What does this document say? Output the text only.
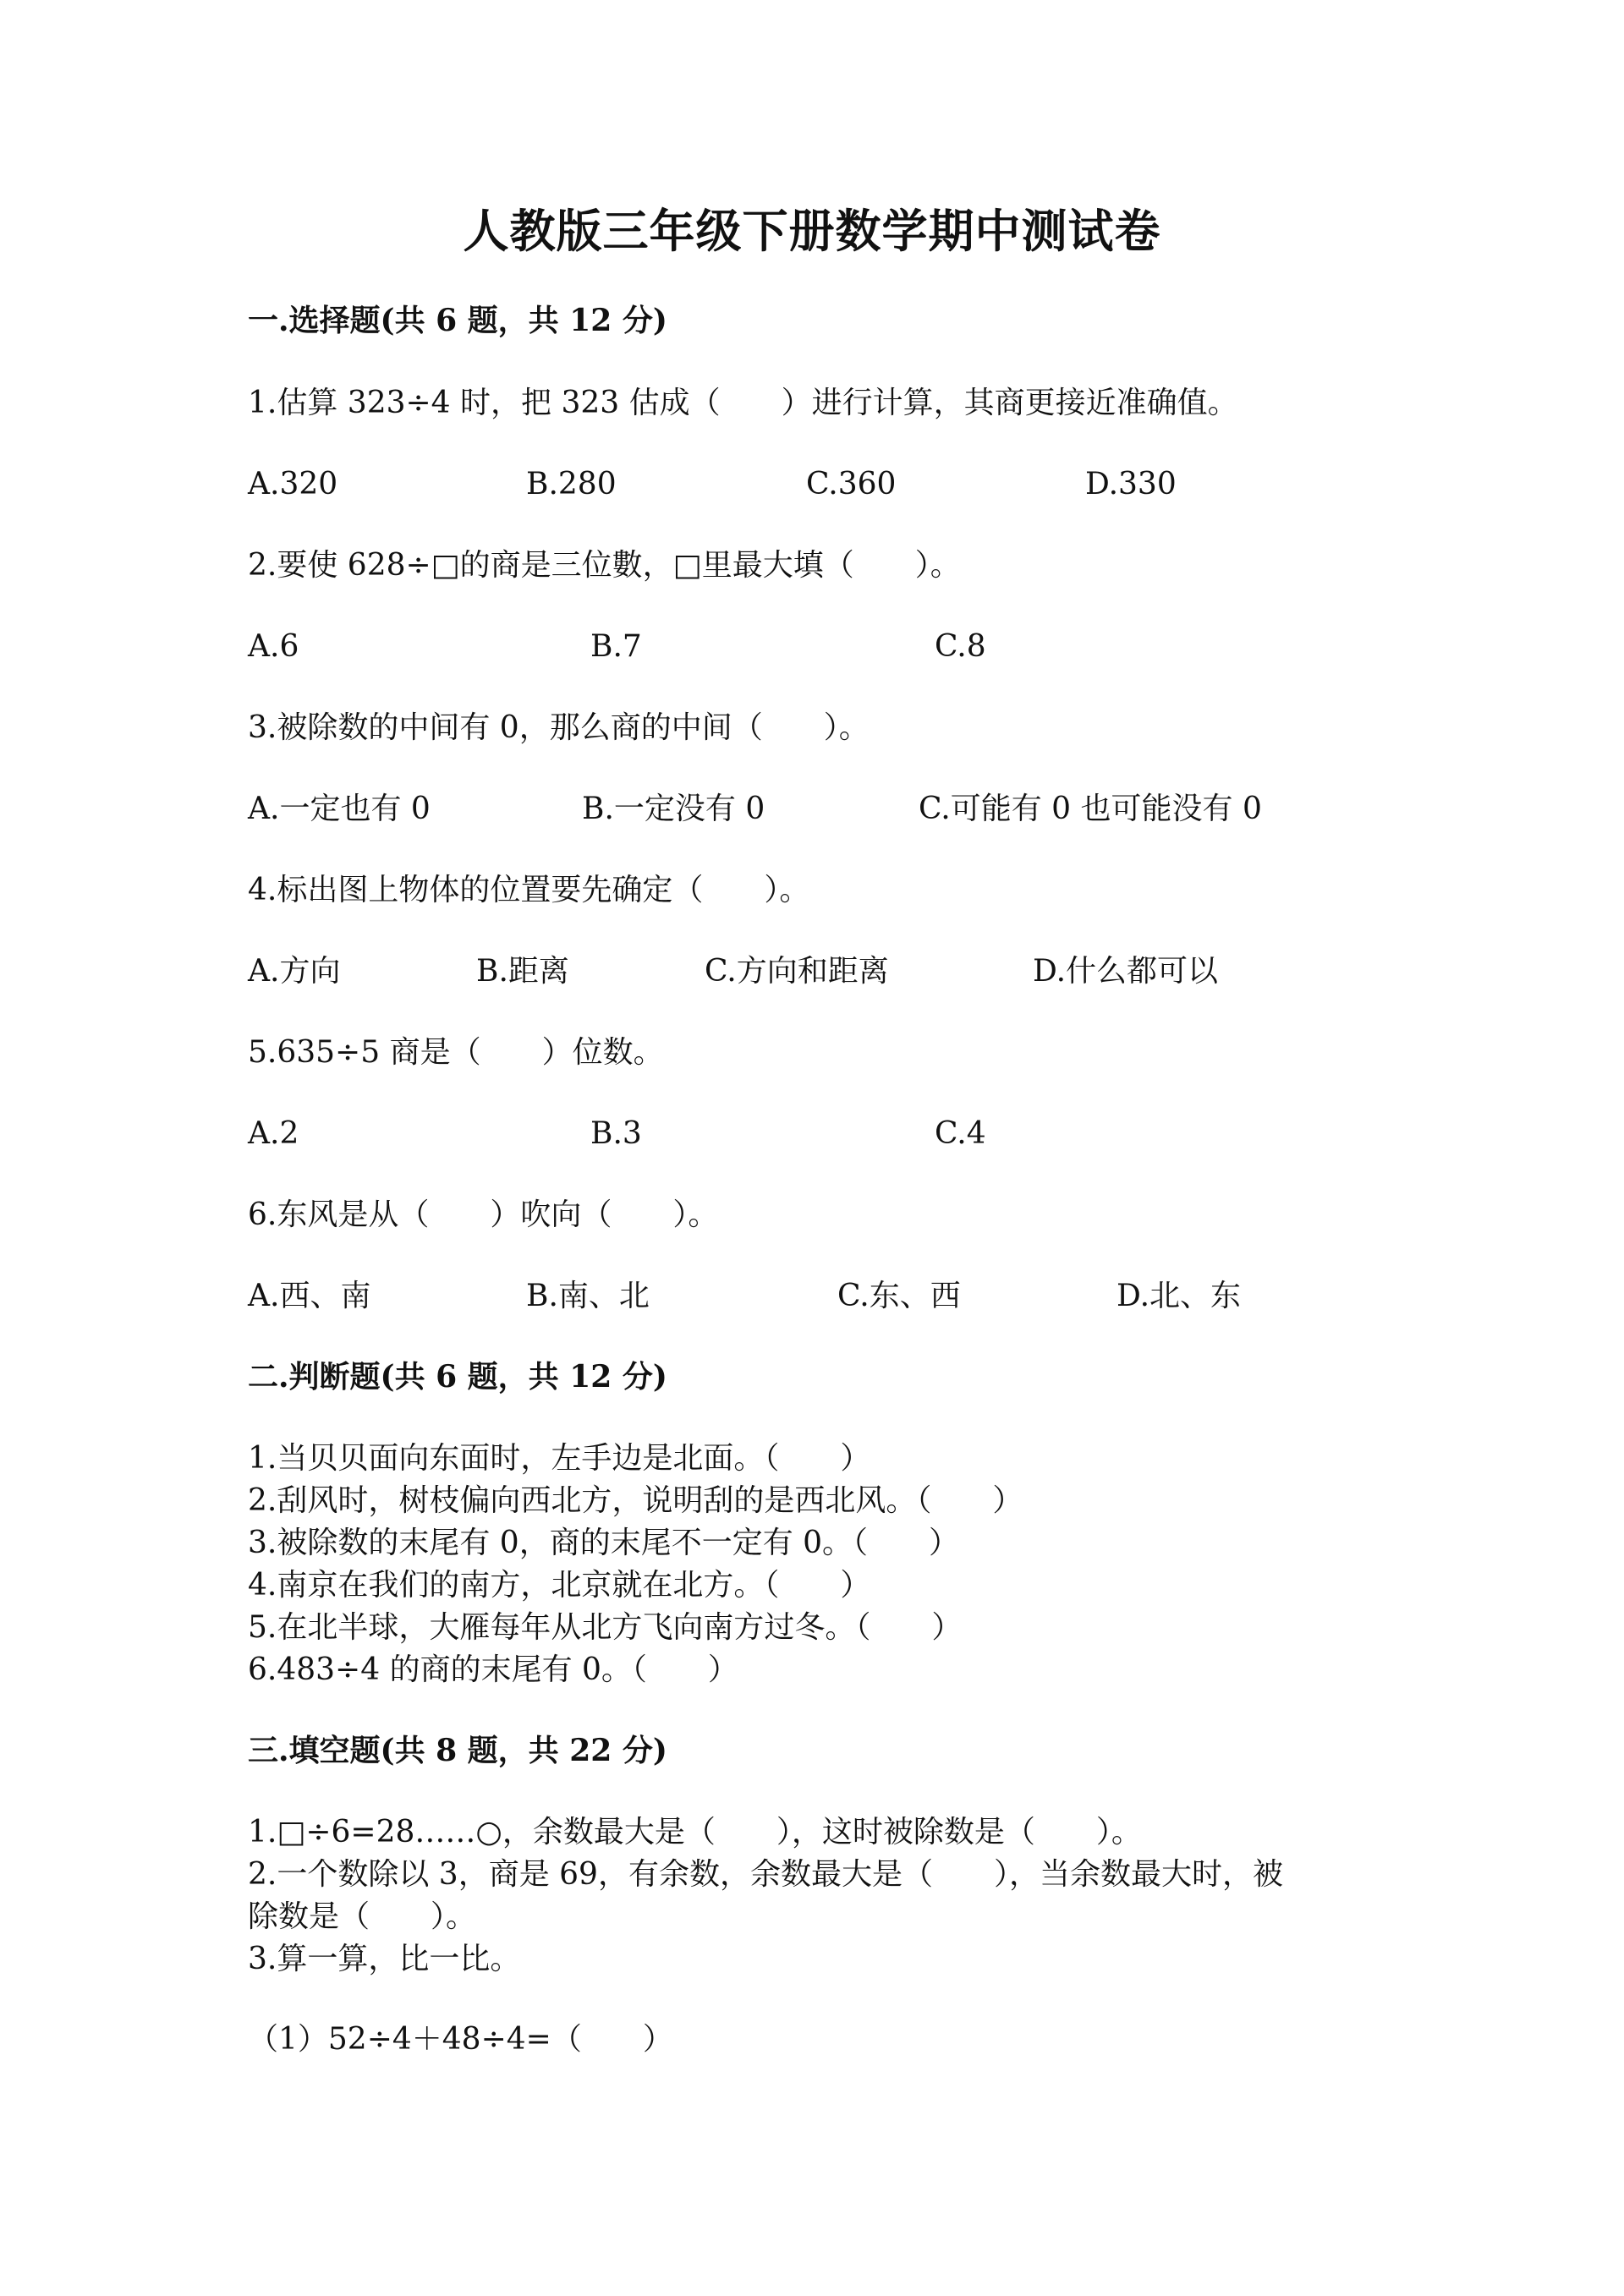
人教版三年级下册数学期中测试卷
一.选择题(共 6 题，共 12 分)
1.估算 323÷4 时，把 323 估成（　　）进行计算，其商更接近准确值。
A.320	B.280	C.360	D.330
2.要使 628÷□的商是三位數，□里最大填（　　）。
A.6	B.7	C.8
3.被除数的中间有 0，那么商的中间（　　）。
A.一定也有 0	B.一定没有 0	C.可能有 0 也可能没有 0
4.标出图上物体的位置要先确定（　　）。
A.方向	B.距离	C.方向和距离	D.什么都可以
5.635÷5 商是（　　）位数。
A.2	B.3	C.4
6.东风是从（　　）吹向（　　）。
A.西、南	B.南、北	C.东、西	D.北、东
二.判断题(共 6 题，共 12 分)
1.当贝贝面向东面时，左手边是北面。（　　）
2.刮风时，树枝偏向西北方，说明刮的是西北风。（　　）
3.被除数的末尾有 0，商的末尾不一定有 0。（　　）
4.南京在我们的南方，北京就在北方。（　　）
5.在北半球，大雁每年从北方飞向南方过冬。（　　）
6.483÷4 的商的末尾有 0。（　　）
三.填空题(共 8 题，共 22 分)
1.□÷6=28……○，余数最大是（　　），这时被除数是（　　）。
2.一个数除以 3，商是 69，有余数，余数最大是（　　），当余数最大时，被
除数是（　　）。
3.算一算，比一比。
（1）52÷4＋48÷4=（　　）
